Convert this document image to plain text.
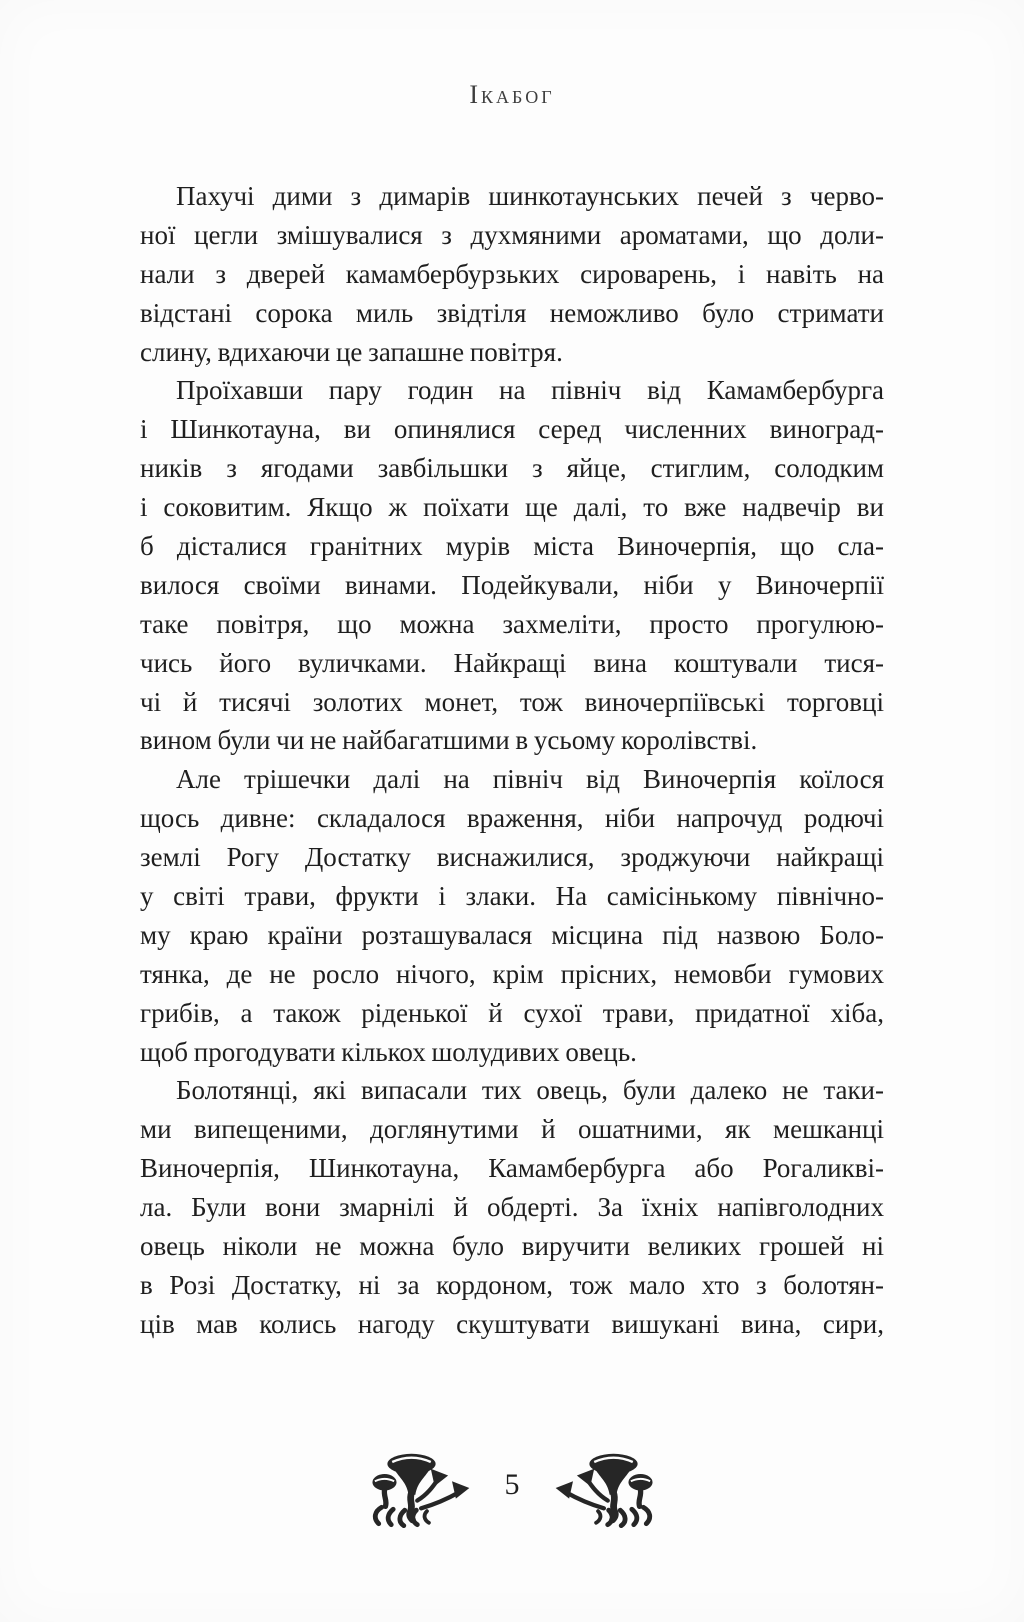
Ікабог
Пахучі дими з димарів шинкотаунських печей з черво-
ної цегли змішувалися з духмяними ароматами, що доли-
нали з дверей камамбербурзьких сироварень, і навіть на
відстані сорока миль звідтіля неможливо було стримати
слину, вдихаючи це запашне повітря.
Проїхавши пару годин на північ від Камамбербурга
і Шинкотауна, ви опинялися серед численних виноград-
ників з ягодами завбільшки з яйце, стиглим, солодким
і соковитим. Якщо ж поїхати ще далі, то вже надвечір ви
б дісталися гранітних мурів міста Виночерпія, що сла-
вилося своїми винами. Подейкували, ніби у Виночерпії
таке повітря, що можна захмеліти, просто прогулюю-
чись його вуличками. Найкращі вина коштували тися-
чі й тисячі золотих монет, тож виночерпіївські торговці
вином були чи не найбагатшими в усьому королівстві.
Але трішечки далі на північ від Виночерпія коїлося
щось дивне: складалося враження, ніби напрочуд родючі
землі Рогу Достатку виснажилися, зроджуючи найкращі
у світі трави, фрукти і злаки. На самісінькому північно-
му краю країни розташувалася місцина під назвою Боло-
тянка, де не росло нічого, крім прісних, немовби гумових
грибів, а також ріденької й сухої трави, придатної хіба,
щоб прогодувати кількох шолудивих овець.
Болотянці, які випасали тих овець, були далеко не таки-
ми випещеними, доглянутими й ошатними, як мешканці
Виночерпія, Шинкотауна, Камамбербурга або Рогаликві-
ла. Були вони змарнілі й обдерті. За їхніх напівголодних
овець ніколи не можна було виручити великих грошей ні
в Розі Достатку, ні за кордоном, тож мало хто з болотян-
ців мав колись нагоду скуштувати вишукані вина, сири,
5
